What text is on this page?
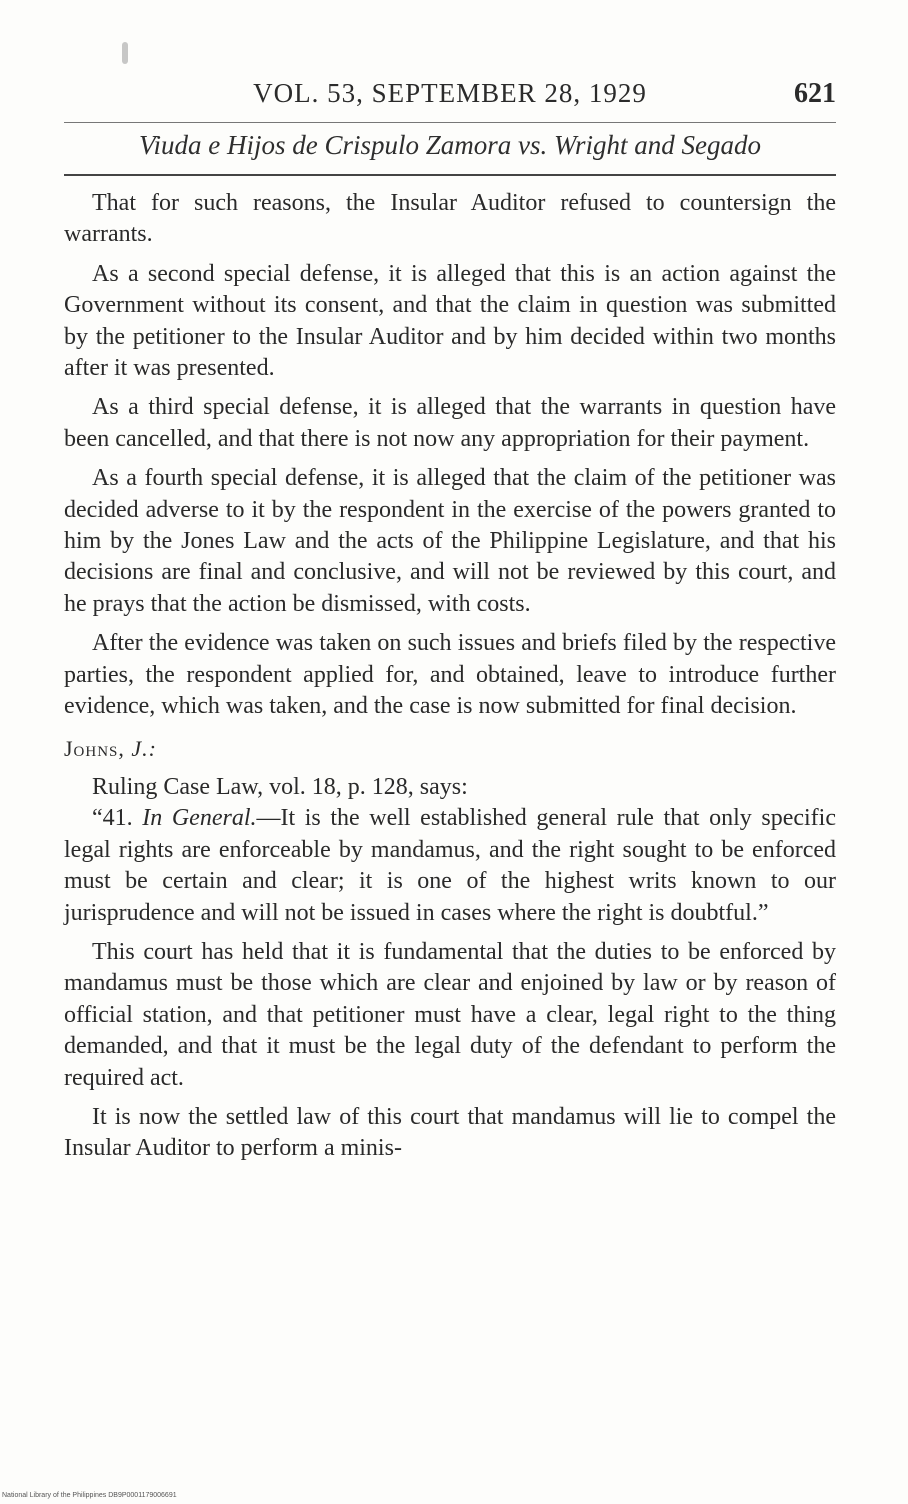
VOL. 53, SEPTEMBER 28, 1929	621
Viuda e Hijos de Crispulo Zamora vs. Wright and Segado

That for such reasons, the Insular Auditor refused to countersign the warrants.

As a second special defense, it is alleged that this is an action against the Government without its consent, and that the claim in question was submitted by the petitioner to the Insular Auditor and by him decided within two months after it was presented.

As a third special defense, it is alleged that the warrants in question have been cancelled, and that there is not now any appropriation for their payment.

As a fourth special defense, it is alleged that the claim of the petitioner was decided adverse to it by the respondent in the exercise of the powers granted to him by the Jones Law and the acts of the Philippine Legislature, and that his decisions are final and conclusive, and will not be reviewed by this court, and he prays that the action be dismissed, with costs.

After the evidence was taken on such issues and briefs filed by the respective parties, the respondent applied for, and obtained, leave to introduce further evidence, which was taken, and the case is now submitted for final decision.

Johns, J.:

Ruling Case Law, vol. 18, p. 128, says:

“41. In General.—It is the well established general rule that only specific legal rights are enforceable by mandamus, and the right sought to be enforced must be certain and clear; it is one of the highest writs known to our jurisprudence and will not be issued in cases where the right is doubtful.”

This court has held that it is fundamental that the duties to be enforced by mandamus must be those which are clear and enjoined by law or by reason of official station, and that petitioner must have a clear, legal right to the thing demanded, and that it must be the legal duty of the defendant to perform the required act.

It is now the settled law of this court that mandamus will lie to compel the Insular Auditor to perform a minis-

National Library of the Philippines DB9P0001179006691
